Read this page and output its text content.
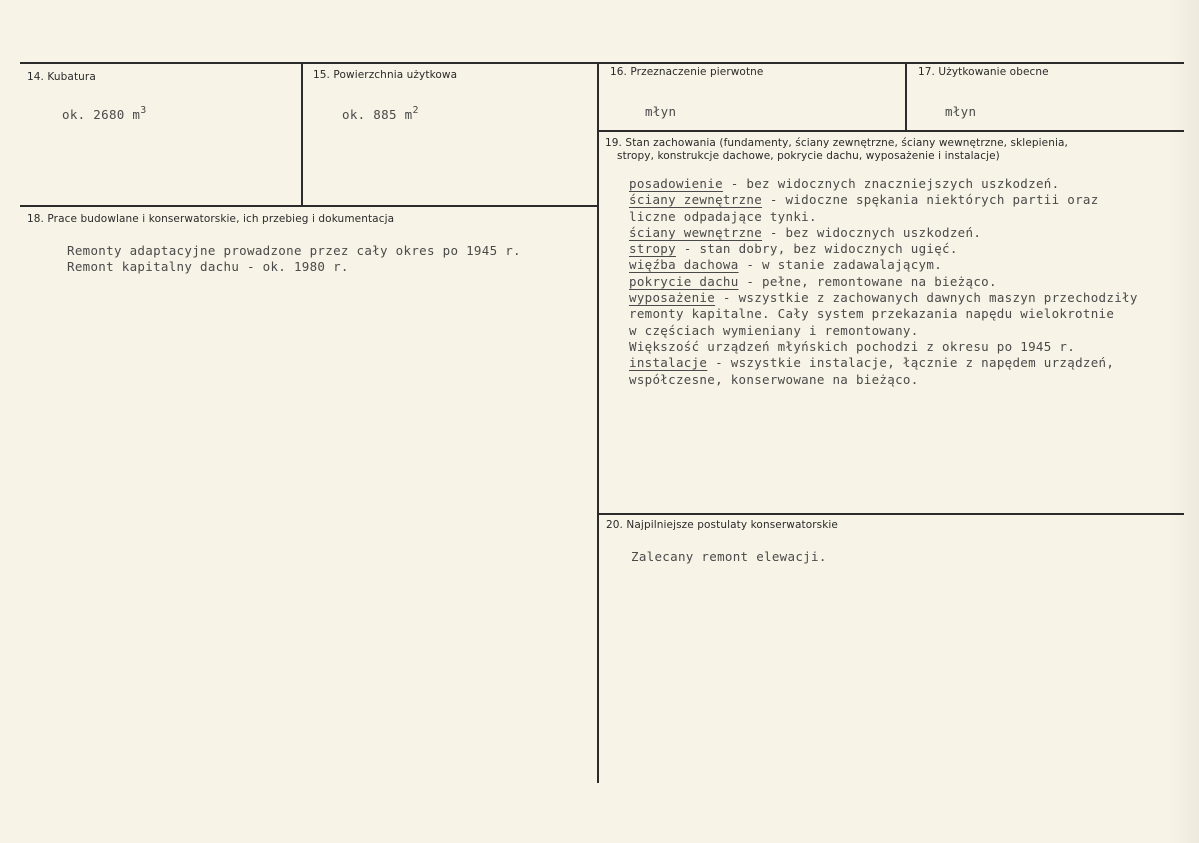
14. Kubatura
ok. 2680 $m^3$
15. Powierzchnia użytkowa
ok. 885 $m^2$
16. Przeznaczenie pierwotne
młyn
17. Użytkowanie obecne
młyn
18. Prace budowlane i konserwatorskie, ich przebieg i dokumentacja
Remonty adaptacyjne prowadzone przez cały okres po 1945 r.
Remont kapitalny dachu - ok. 1980 r.
19. Stan zachowania (fundamenty, ściany zewnętrzne, ściany wewnętrzne, sklepienia,
stropy, konstrukcje dachowe, pokrycie dachu, wyposażenie i instalacje)
posadowienie - bez widocznych znaczniejszych uszkodzeń.
ściany zewnętrzne - widoczne spękania niektórych partii oraz
liczne odpadające tynki.
ściany wewnętrzne - bez widocznych uszkodzeń.
stropy - stan dobry, bez widocznych ugięć.
więźba dachowa - w stanie zadawalającym.
pokrycie dachu - pełne, remontowane na bieżąco.
wyposażenie - wszystkie z zachowanych dawnych maszyn przechodziły
remonty kapitalne. Cały system przekazania napędu wielokrotnie
w częściach wymieniany i remontowany.
Większość urządzeń młyńskich pochodzi z okresu po 1945 r.
instalacje - wszystkie instalacje, łącznie z napędem urządzeń,
współczesne, konserwowane na bieżąco.
20. Najpilniejsze postulaty konserwatorskie
Zalecany remont elewacji.
